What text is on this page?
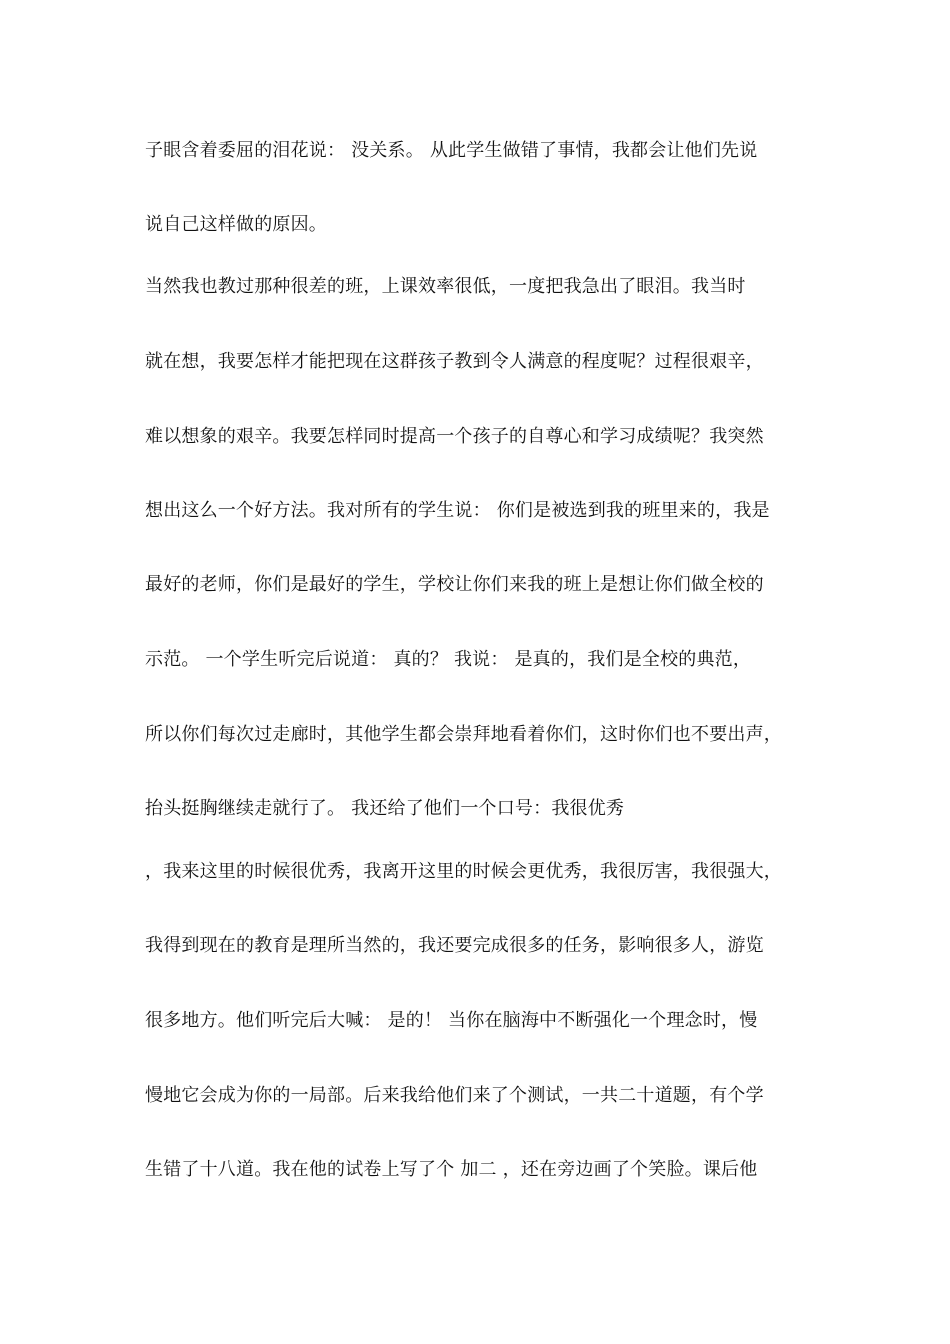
子眼含着委屈的泪花说： 没关系。 从此学生做错了事情，我都会让他们先说
说自己这样做的原因。
当然我也教过那种很差的班，上课效率很低，一度把我急出了眼泪。我当时
就在想，我要怎样才能把现在这群孩子教到令人满意的程度呢？过程很艰辛，
难以想象的艰辛。我要怎样同时提高一个孩子的自尊心和学习成绩呢？我突然
想出这么一个好方法。我对所有的学生说： 你们是被选到我的班里来的，我是
最好的老师，你们是最好的学生，学校让你们来我的班上是想让你们做全校的
示范。 一个学生听完后说道： 真的？ 我说： 是真的，我们是全校的典范，
所以你们每次过走廊时，其他学生都会崇拜地看着你们，这时你们也不要出声，
抬头挺胸继续走就行了。 我还给了他们一个口号：我很优秀
，我来这里的时候很优秀，我离开这里的时候会更优秀，我很厉害，我很强大，
我得到现在的教育是理所当然的，我还要完成很多的任务，影响很多人，游览
很多地方。他们听完后大喊： 是的！ 当你在脑海中不断强化一个理念时，慢
慢地它会成为你的一局部。后来我给他们来了个测试，一共二十道题，有个学
生错了十八道。我在他的试卷上写了个 加二 ，还在旁边画了个笑脸。课后他
